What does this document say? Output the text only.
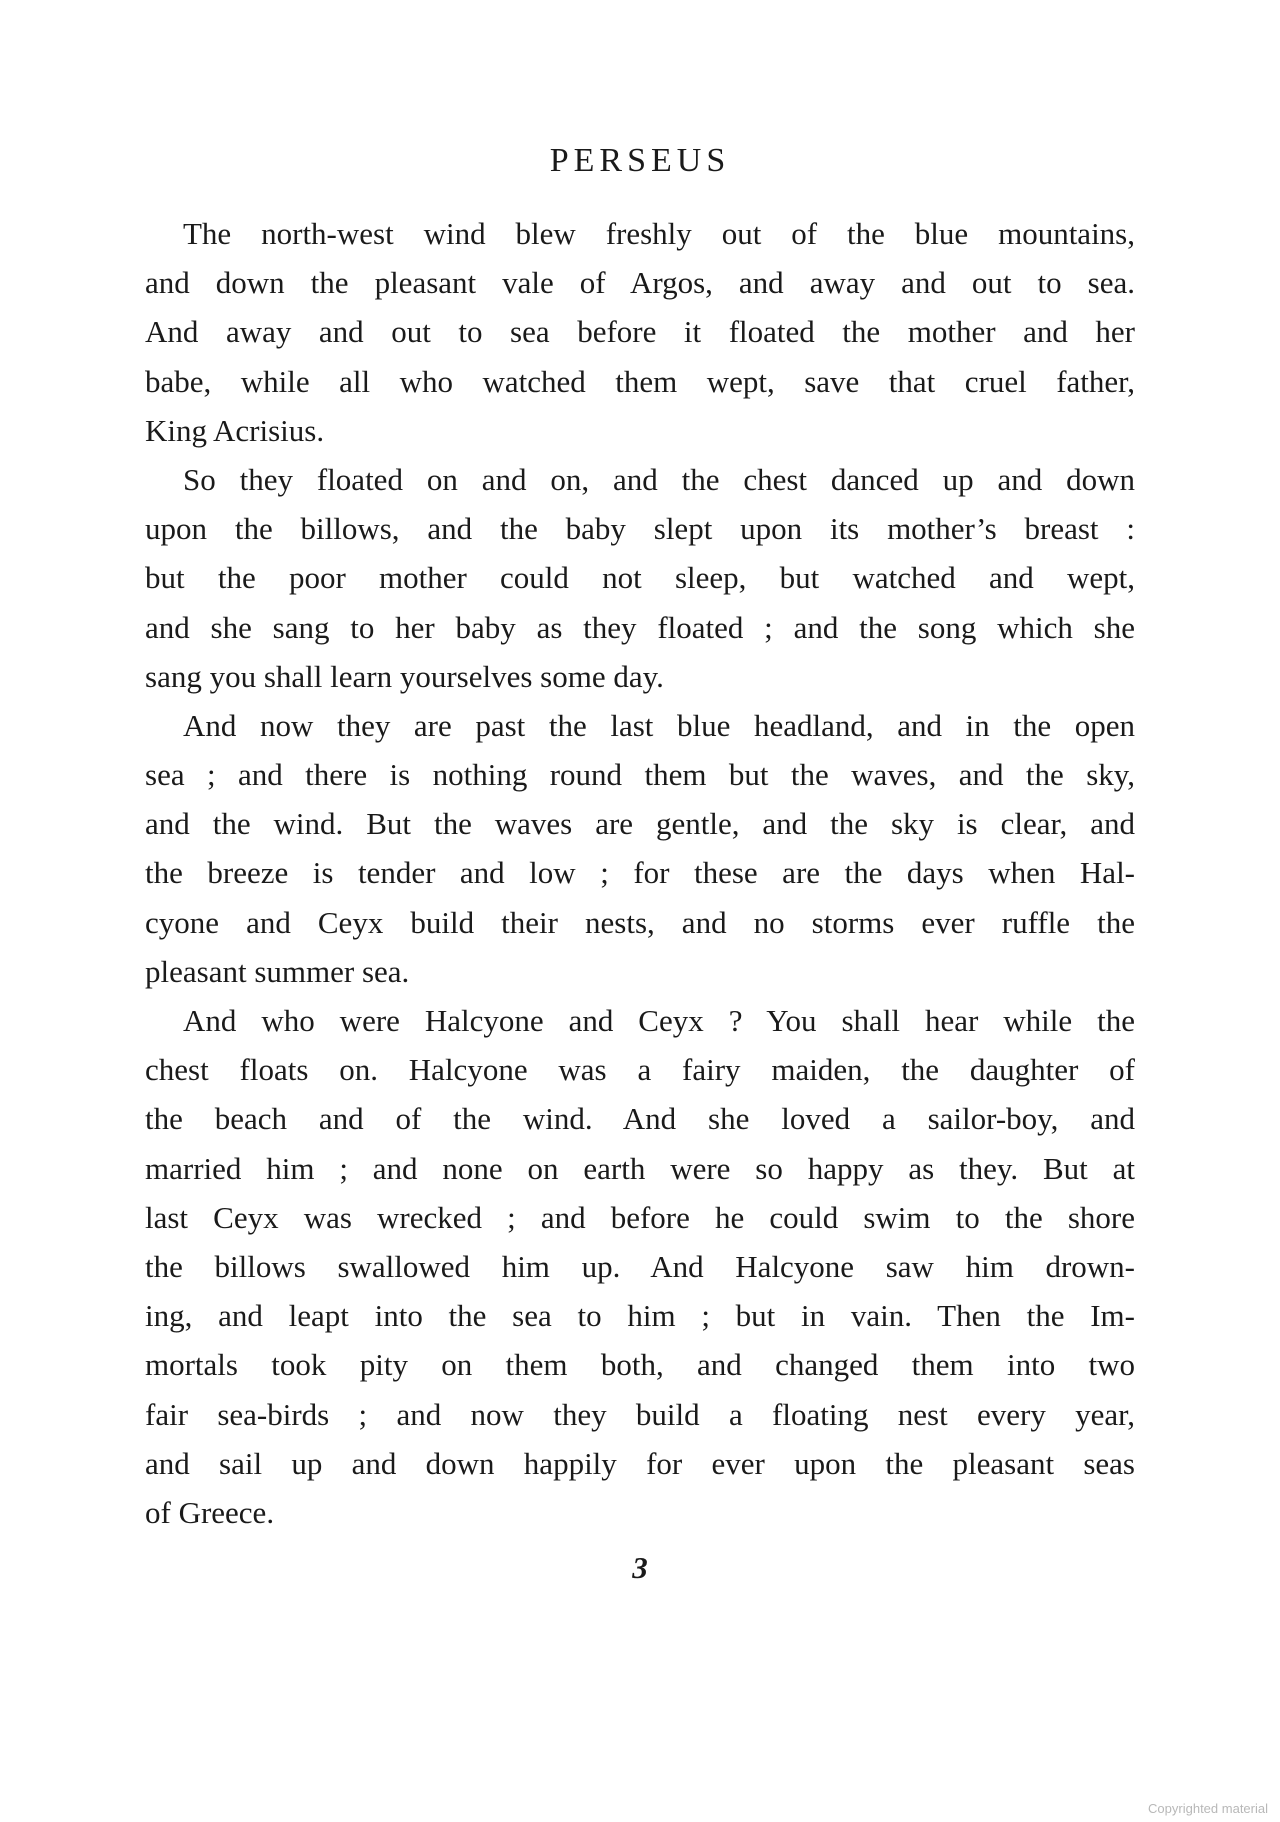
PERSEUS
The north-west wind blew freshly out of the blue mountains,
and down the pleasant vale of Argos, and away and out to sea.
And away and out to sea before it floated the mother and her
babe, while all who watched them wept, save that cruel father,
King Acrisius.
So they floated on and on, and the chest danced up and down
upon the billows, and the baby slept upon its mother’s breast :
but the poor mother could not sleep, but watched and wept,
and she sang to her baby as they floated ; and the song which she
sang you shall learn yourselves some day.
And now they are past the last blue headland, and in the open
sea ; and there is nothing round them but the waves, and the sky,
and the wind. But the waves are gentle, and the sky is clear, and
the breeze is tender and low ; for these are the days when Hal-
cyone and Ceyx build their nests, and no storms ever ruffle the
pleasant summer sea.
And who were Halcyone and Ceyx ? You shall hear while the
chest floats on. Halcyone was a fairy maiden, the daughter of
the beach and of the wind. And she loved a sailor-boy, and
married him ; and none on earth were so happy as they. But at
last Ceyx was wrecked ; and before he could swim to the shore
the billows swallowed him up. And Halcyone saw him drown-
ing, and leapt into the sea to him ; but in vain. Then the Im-
mortals took pity on them both, and changed them into two
fair sea-birds ; and now they build a floating nest every year,
and sail up and down happily for ever upon the pleasant seas
of Greece.
3
Copyrighted material
